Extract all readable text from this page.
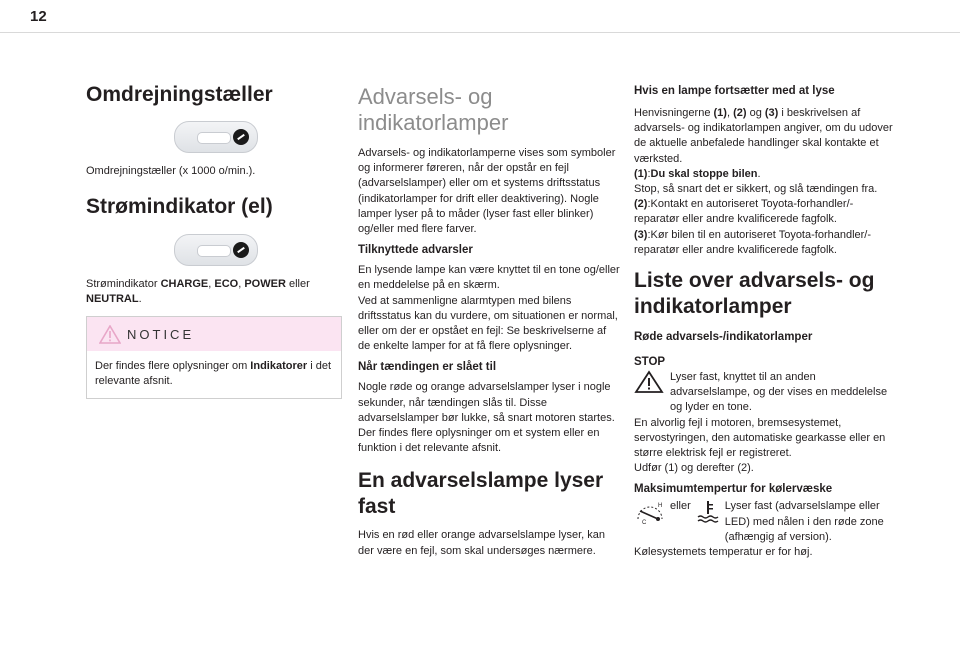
12
Omdrejningstæller

Omdrejningstæller (x 1000 o/min.).

Strømindikator (el)

Strømindikator CHARGE, ECO, POWER eller NEUTRAL.

NOTICE

Der findes flere oplysninger om Indikatorer i det relevante afsnit.

Advarsels- og
indikatorlamper

Advarsels- og indikatorlamperne vises som symboler og informerer føreren, når der opstår en fejl (advarselslamper) eller om et systems driftsstatus (indikatorlamper for drift eller deaktivering). Nogle lamper lyser på to måder (lyser fast eller blinker) og/eller med flere farver.

Tilknyttede advarsler

En lysende lampe kan være knyttet til en tone og/eller en meddelelse på en skærm.

Ved at sammenligne alarmtypen med bilens driftsstatus kan du vurdere, om situationen er normal, eller om der er opstået en fejl: Se beskrivelserne af de enkelte lamper for at få flere oplysninger.

Når tændingen er slået til

Nogle røde og orange advarselslamper lyser i nogle sekunder, når tændingen slås til. Disse advarselslamper bør lukke, så snart motoren startes.

Der findes flere oplysninger om et system eller en funktion i det relevante afsnit.

En advarselslampe lyser
fast

Hvis en rød eller orange advarselslampe lyser, kan der være en fejl, som skal undersøges nærmere.

Hvis en lampe fortsætter med at lyse

Henvisningerne (1), (2) og (3) i beskrivelsen af advarsels- og indikatorlampen angiver, om du udover de aktuelle anbefalede handlinger skal kontakte et værksted.

(1):Du skal stoppe bilen.

Stop, så snart det er sikkert, og slå tændingen fra.

(2):Kontakt en autoriseret Toyota-forhandler/-reparatør eller andre kvalificerede fagfolk.

(3):Kør bilen til en autoriseret Toyota-forhandler/-reparatør eller andre kvalificerede fagfolk.

Liste over advarsels- og
indikatorlamper
Røde advarsels-/indikatorlamper
STOP

Lyser fast, knyttet til an anden advarselslampe, og der vises en meddelelse og lyder en tone.

En alvorlig fejl i motoren, bremsesystemet, servostyringen, den automatiske gearkasse eller en større elektrisk fejl er registreret.

Udfør (1) og derefter (2).

Maksimumtempertur for kølervæske
C
H eller	Lyser fast (advarselslampe eller LED) med nålen i den røde zone (afhængig af version).

Kølesystemets temperatur er for høj.
